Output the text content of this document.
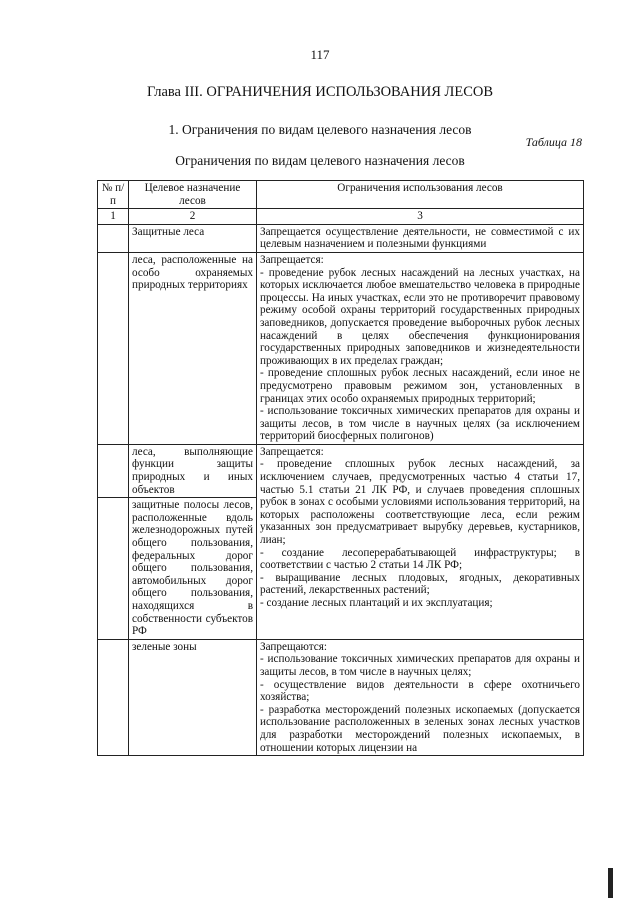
117
Глава III. ОГРАНИЧЕНИЯ ИСПОЛЬЗОВАНИЯ ЛЕСОВ
1. Ограничения по видам целевого назначения лесов
Таблица 18
Ограничения по видам целевого назначения лесов
№ п/п	Целевое назначение лесов	Ограничения использования лесов
1	2	3
	Защитные леса	Запрещается осуществление деятельности, не совместимой с их целевым назначением и полезными функциями

	леса, расположенные на особо охраняемых природных территориях	Запрещается:

- проведение рубок лесных насаждений на лесных участках, на которых исключается любое вмешательство человека в природные процессы. На иных участках, если это не противоречит правовому режиму особой охраны территорий государственных природных заповедников, допускается проведение выборочных рубок лесных насаждений в целях обеспечения функционирования государственных природных заповедников и жизнедеятельности проживающих в их пределах граждан;

- проведение сплошных рубок лесных насаждений, если иное не предусмотрено правовым режимом зон, установленных в границах этих особо охраняемых природных территорий;

- использование токсичных химических препаратов для охраны и защиты лесов, в том числе в научных целях (за исключением территорий биосферных полигонов)

	леса, выполняющие функции защиты природных и иных объектов	Запрещается:

- проведение сплошных рубок лесных насаждений, за исключением случаев, предусмотренных частью 4 статьи 17, частью 5.1 статьи 21 ЛК РФ, и случаев проведения сплошных рубок в зонах с особыми условиями использования территорий, на которых расположены соответствующие леса, если режим указанных зон предусматривает вырубку деревьев, кустарников, лиан;

- создание лесоперерабатывающей инфраструктуры; в соответствии с частью 2 статьи 14 ЛК РФ;

- выращивание лесных плодовых, ягодных, декоративных растений, лекарственных растений;

- создание лесных плантаций и их эксплуатация;

	защитные полосы лесов, расположенные вдоль железнодорожных путей общего пользования, федеральных дорог общего пользования, автомобильных дорог общего пользования, находящихся в собственности субъектов РФ	
	зеленые зоны	Запрещаются:

- использование токсичных химических препаратов для охраны и защиты лесов, в том числе в научных целях;

- осуществление видов деятельности в сфере охотничьего хозяйства;

- разработка месторождений полезных ископаемых (допускается использование расположенных в зеленых зонах лесных участков для разработки месторождений полезных ископаемых, в отношении которых лицензии на
